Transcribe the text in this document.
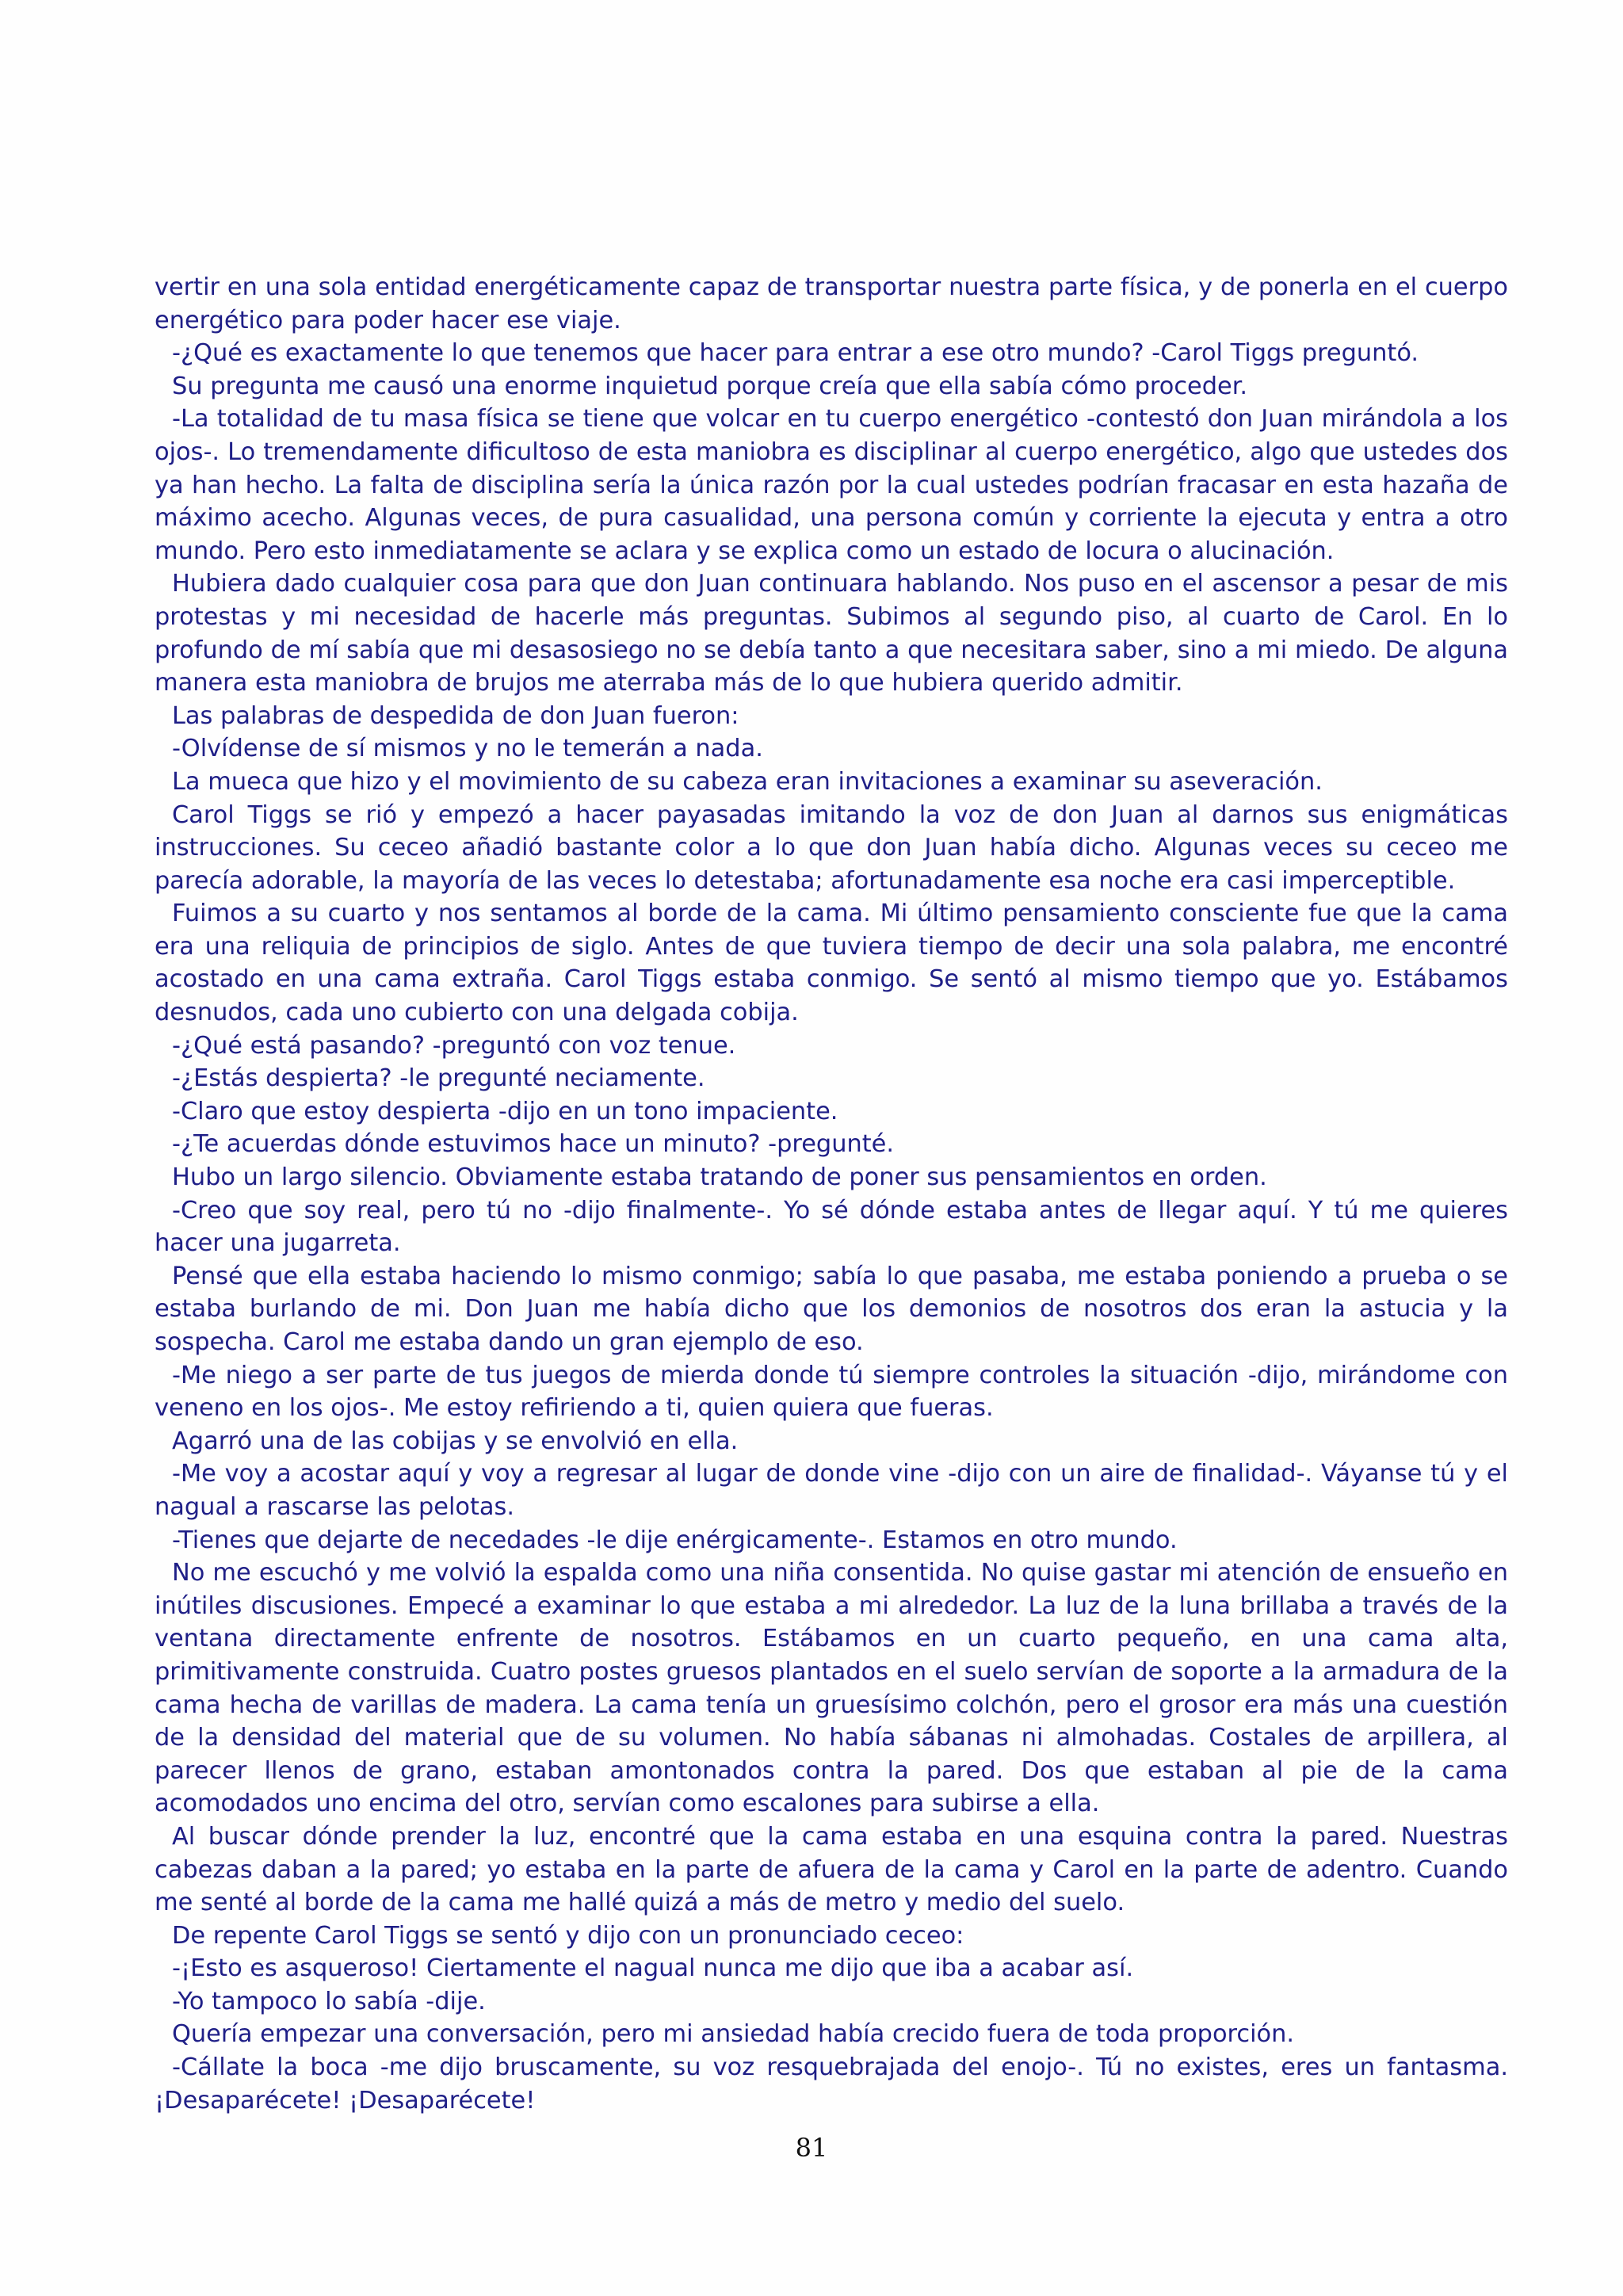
vertir en una sola entidad energéticamente capaz de transportar nuestra parte física, y de ponerla en el cuerpo energético para poder hacer ese viaje.

-¿Qué es exactamente lo que tenemos que hacer para entrar a ese otro mundo? -Carol Tiggs preguntó.

Su pregunta me causó una enorme inquietud porque creía que ella sabía cómo proceder.

-La totalidad de tu masa física se tiene que volcar en tu cuerpo energético -contestó don Juan mirándola a los ojos-. Lo tremendamente dificultoso de esta maniobra es disciplinar al cuerpo energético, algo que ustedes dos ya han hecho. La falta de disciplina sería la única razón por la cual ustedes podrían fracasar en esta hazaña de máximo acecho. Algunas veces, de pura casualidad, una persona común y corriente la ejecuta y entra a otro mundo. Pero esto inmediatamente se aclara y se explica como un estado de locura o alucinación.

Hubiera dado cualquier cosa para que don Juan continuara hablando. Nos puso en el ascensor a pesar de mis protestas y mi necesidad de hacerle más preguntas. Subimos al segundo piso, al cuarto de Carol. En lo profundo de mí sabía que mi desasosiego no se debía tanto a que necesitara saber, sino a mi miedo. De alguna manera esta maniobra de brujos me aterraba más de lo que hubiera querido admitir.

Las palabras de despedida de don Juan fueron:

-Olvídense de sí mismos y no le temerán a nada.

La mueca que hizo y el movimiento de su cabeza eran invitaciones a examinar su aseveración.

Carol Tiggs se rió y empezó a hacer payasadas imitando la voz de don Juan al darnos sus enigmáticas instrucciones. Su ceceo añadió bastante color a lo que don Juan había dicho. Algunas veces su ceceo me parecía adorable, la mayoría de las veces lo detestaba; afortunadamente esa noche era casi imperceptible.

Fuimos a su cuarto y nos sentamos al borde de la cama. Mi último pensamiento consciente fue que la cama era una reliquia de principios de siglo. Antes de que tuviera tiempo de decir una sola palabra, me encontré acostado en una cama extraña. Carol Tiggs estaba conmigo. Se sentó al mismo tiempo que yo. Estábamos desnudos, cada uno cubierto con una delgada cobija.

-¿Qué está pasando? -preguntó con voz tenue.

-¿Estás despierta? -le pregunté neciamente.

-Claro que estoy despierta -dijo en un tono impaciente.

-¿Te acuerdas dónde estuvimos hace un minuto? -pregunté.

Hubo un largo silencio. Obviamente estaba tratando de poner sus pensamientos en orden.

-Creo que soy real, pero tú no -dijo finalmente-. Yo sé dónde estaba antes de llegar aquí. Y tú me quieres hacer una jugarreta.

Pensé que ella estaba haciendo lo mismo conmigo; sabía lo que pasaba, me estaba poniendo a prueba o se estaba burlando de mi. Don Juan me había dicho que los demonios de nosotros dos eran la astucia y la sospecha. Carol me estaba dando un gran ejemplo de eso.

-Me niego a ser parte de tus juegos de mierda donde tú siempre controles la situación -dijo, mirándome con veneno en los ojos-. Me estoy refiriendo a ti, quien quiera que fueras.

Agarró una de las cobijas y se envolvió en ella.

-Me voy a acostar aquí y voy a regresar al lugar de donde vine -dijo con un aire de finalidad-. Váyanse tú y el nagual a rascarse las pelotas.

-Tienes que dejarte de necedades -le dije enérgicamente-. Estamos en otro mundo.

No me escuchó y me volvió la espalda como una niña consentida. No quise gastar mi atención de ensueño en inútiles discusiones. Empecé a examinar lo que estaba a mi alrededor. La luz de la luna brillaba a través de la ventana directamente enfrente de nosotros. Estábamos en un cuarto pequeño, en una cama alta, primitivamente construida. Cuatro postes gruesos plantados en el suelo servían de soporte a la armadura de la cama hecha de varillas de madera. La cama tenía un gruesísimo colchón, pero el grosor era más una cuestión de la densidad del material que de su volumen. No había sábanas ni almohadas. Costales de arpillera, al parecer llenos de grano, estaban amontonados contra la pared. Dos que estaban al pie de la cama acomodados uno encima del otro, servían como escalones para subirse a ella.

Al buscar dónde prender la luz, encontré que la cama estaba en una esquina contra la pared. Nuestras cabezas daban a la pared; yo estaba en la parte de afuera de la cama y Carol en la parte de adentro. Cuando me senté al borde de la cama me hallé quizá a más de metro y medio del suelo.

De repente Carol Tiggs se sentó y dijo con un pronunciado ceceo:

-¡Esto es asqueroso! Ciertamente el nagual nunca me dijo que iba a acabar así.

-Yo tampoco lo sabía -dije.

Quería empezar una conversación, pero mi ansiedad había crecido fuera de toda proporción.

-Cállate la boca -me dijo bruscamente, su voz resquebrajada del enojo-. Tú no existes, eres un fantasma. ¡Desaparécete! ¡Desaparécete!

81
